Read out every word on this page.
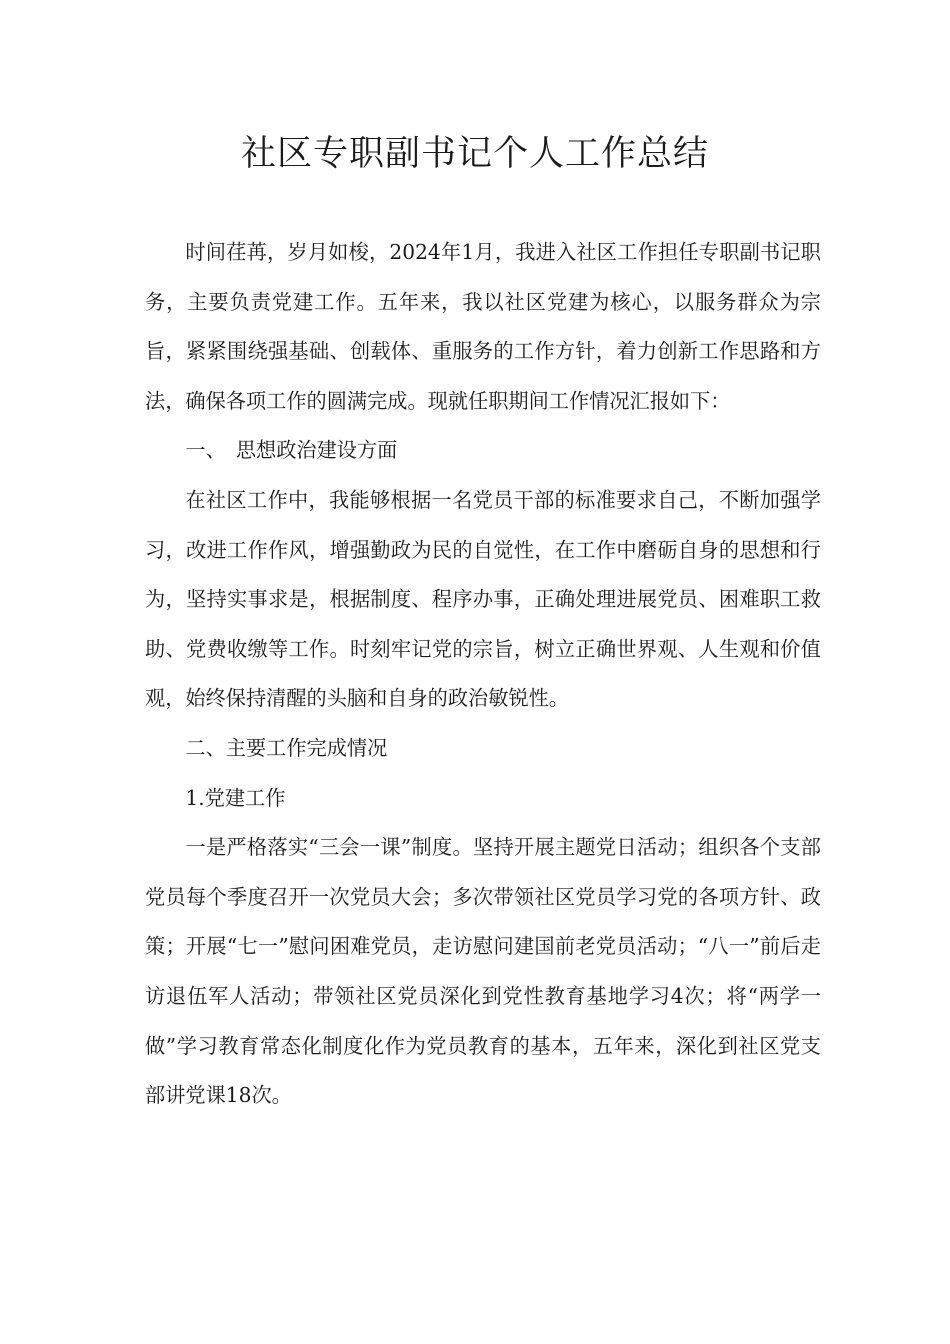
社区专职副书记个人工作总结

时间荏苒，岁月如梭，2024年1月，我进入社区工作担任专职副书记职务，主要负责党建工作。五年来，我以社区党建为核心，以服务群众为宗旨，紧紧围绕强基础、创载体、重服务的工作方针，着力创新工作思路和方法，确保各项工作的圆满完成。现就任职期间工作情况汇报如下：

一、　思想政治建设方面

在社区工作中，我能够根据一名党员干部的标准要求自己，不断加强学习，改进工作作风，增强勤政为民的自觉性，在工作中磨砺自身的思想和行为，坚持实事求是，根据制度、程序办事，正确处理进展党员、困难职工救助、党费收缴等工作。时刻牢记党的宗旨，树立正确世界观、人生观和价值观，始终保持清醒的头脑和自身的政治敏锐性。

二、主要工作完成情况

1.党建工作

一是严格落实“三会一课”制度。坚持开展主题党日活动；组织各个支部党员每个季度召开一次党员大会；多次带领社区党员学习党的各项方针、政策；开展“七一”慰问困难党员，走访慰问建国前老党员活动；“八一”前后走访退伍军人活动；带领社区党员深化到党性教育基地学习4次；将“两学一做”学习教育常态化制度化作为党员教育的基本，五年来，深化到社区党支部讲党课18次。
